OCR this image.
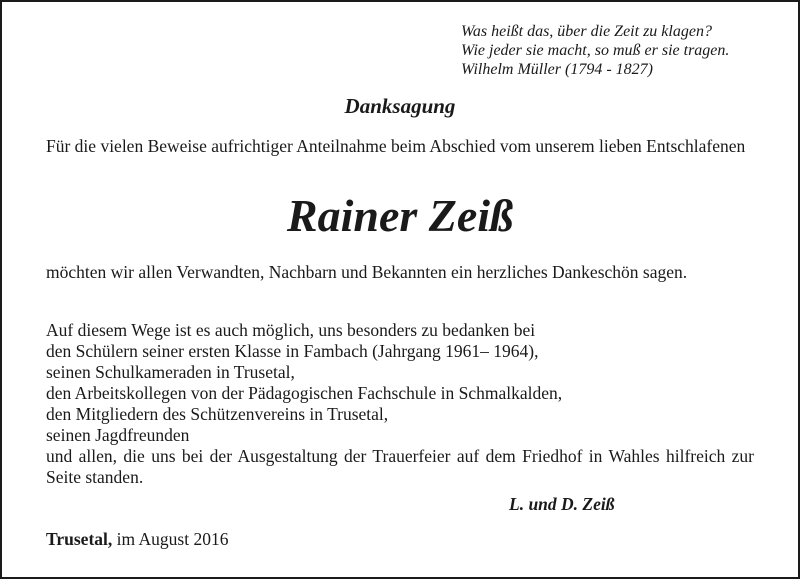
Was heißt das, über die Zeit zu klagen?
Wie jeder sie macht, so muß er sie tragen.
Wilhelm Müller (1794 - 1827)
Danksagung
Für die vielen Beweise aufrichtiger Anteilnahme beim Abschied vom unserem lieben Entschlafenen
Rainer Zeiß
möchten wir allen Verwandten, Nachbarn und Bekannten ein herzliches Dankeschön sagen.
Auf diesem Wege ist es auch möglich, uns besonders zu bedanken bei
den Schülern seiner ersten Klasse in Fambach (Jahrgang 1961– 1964),
seinen Schulkameraden in Trusetal,
den Arbeitskollegen von der Pädagogischen Fachschule in Schmalkalden,
den Mitgliedern des Schützenvereins in Trusetal,
seinen Jagdfreunden
und allen, die uns bei der Ausgestaltung der Trauerfeier auf dem Friedhof in Wahles hilfreich zur Seite standen.
L. und D. Zeiß
Trusetal, im August 2016
